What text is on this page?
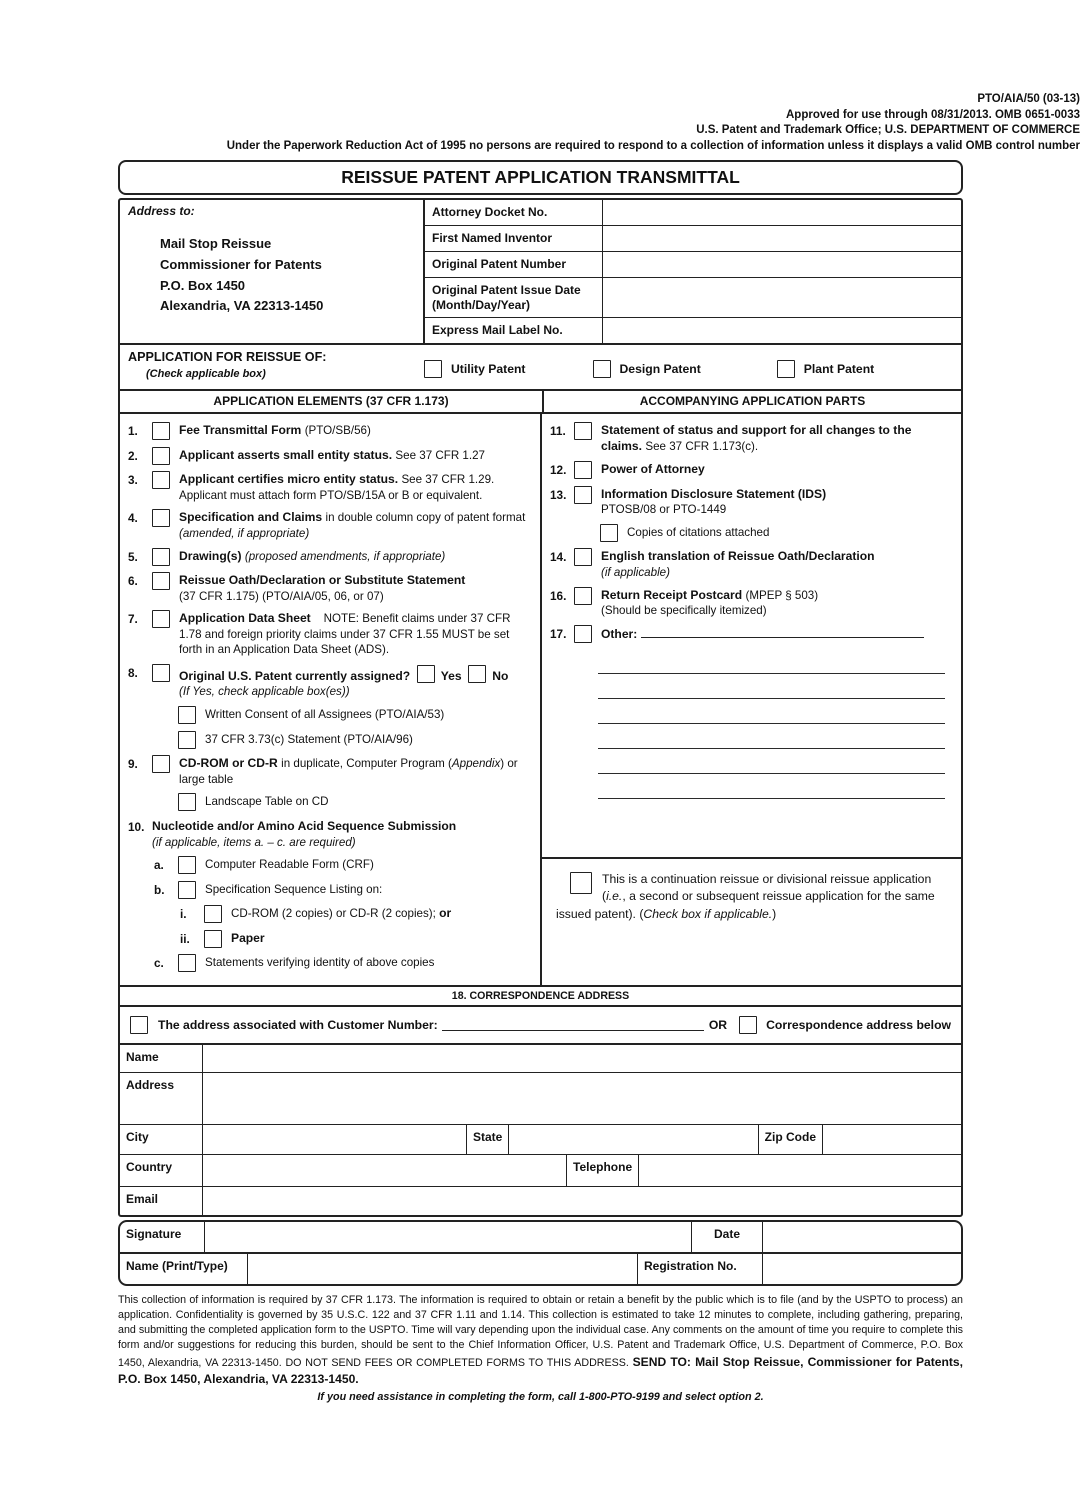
PTO/AIA/50 (03-13)
Approved for use through 08/31/2013. OMB 0651-0033
U.S. Patent and Trademark Office; U.S. DEPARTMENT OF COMMERCE
Under the Paperwork Reduction Act of 1995 no persons are required to respond to a collection of information unless it displays a valid OMB control number
REISSUE PATENT APPLICATION TRANSMITTAL
Address to:
Mail Stop Reissue
Commissioner for Patents
P.O. Box 1450
Alexandria, VA 22313-1450
Attorney Docket No.
First Named Inventor
Original Patent Number
Original Patent Issue Date (Month/Day/Year)
Express Mail Label No.
APPLICATION FOR REISSUE OF:
(Check applicable box)	Utility Patent	Design Patent	Plant Patent
APPLICATION ELEMENTS (37 CFR 1.173)	ACCOMPANYING APPLICATION PARTS
1.	Fee Transmittal Form (PTO/SB/56)
2.	Applicant asserts small entity status. See 37 CFR 1.27
3.	Applicant certifies micro entity status. See 37 CFR 1.29.
Applicant must attach form PTO/SB/15A or B or equivalent.
4.	Specification and Claims in double column copy of patent format
(amended, if appropriate)
5.	Drawing(s) (proposed amendments, if appropriate)
6.	Reissue Oath/Declaration or Substitute Statement
(37 CFR 1.175) (PTO/AIA/05, 06, or 07)
7.	Application Data Sheet    NOTE: Benefit claims under 37 CFR 1.78 and foreign priority claims under 37 CFR 1.55 MUST be set forth in an Application Data Sheet (ADS).
8.	Original U.S. Patent currently assigned?  Yes  No
(If Yes, check applicable box(es))
Written Consent of all Assignees (PTO/AIA/53)
37 CFR 3.73(c) Statement (PTO/AIA/96)
9.	CD-ROM or CD-R in duplicate, Computer Program (Appendix) or large table
Landscape Table on CD
10. Nucleotide and/or Amino Acid Sequence Submission
(if applicable, items a. – c. are required)
a.	Computer Readable Form (CRF)
b.	Specification Sequence Listing on:
i.	CD-ROM (2 copies) or CD-R (2 copies); or
ii.	Paper
c.	Statements verifying identity of above copies
11.	Statement of status and support for all changes to the claims. See 37 CFR 1.173(c).
12.	Power of Attorney
13.	Information Disclosure Statement (IDS)
PTOSB/08 or PTO-1449
Copies of citations attached
14.	English translation of Reissue Oath/Declaration
(if applicable)
16.	Return Receipt Postcard (MPEP § 503)
(Should be specifically itemized)
17.	Other:
This is a continuation reissue or divisional reissue application (i.e., a second or subsequent reissue application for the same issued patent). (Check box if applicable.)
18. CORRESPONDENCE ADDRESS
The address associated with Customer Number:	OR	Correspondence address below
Name
Address
City	State	Zip Code
Country	Telephone
Email
Signature	Date
Name (Print/Type)	Registration No.
This collection of information is required by 37 CFR 1.173. The information is required to obtain or retain a benefit by the public which is to file (and by the USPTO to process) an application. Confidentiality is governed by 35 U.S.C. 122 and 37 CFR 1.11 and 1.14. This collection is estimated to take 12 minutes to complete, including gathering, preparing, and submitting the completed application form to the USPTO. Time will vary depending upon the individual case. Any comments on the amount of time you require to complete this form and/or suggestions for reducing this burden, should be sent to the Chief Information Officer, U.S. Patent and Trademark Office, U.S. Department of Commerce, P.O. Box 1450, Alexandria, VA 22313-1450. DO NOT SEND FEES OR COMPLETED FORMS TO THIS ADDRESS. SEND TO: Mail Stop Reissue, Commissioner for Patents, P.O. Box 1450, Alexandria, VA 22313-1450.
If you need assistance in completing the form, call 1-800-PTO-9199 and select option 2.
